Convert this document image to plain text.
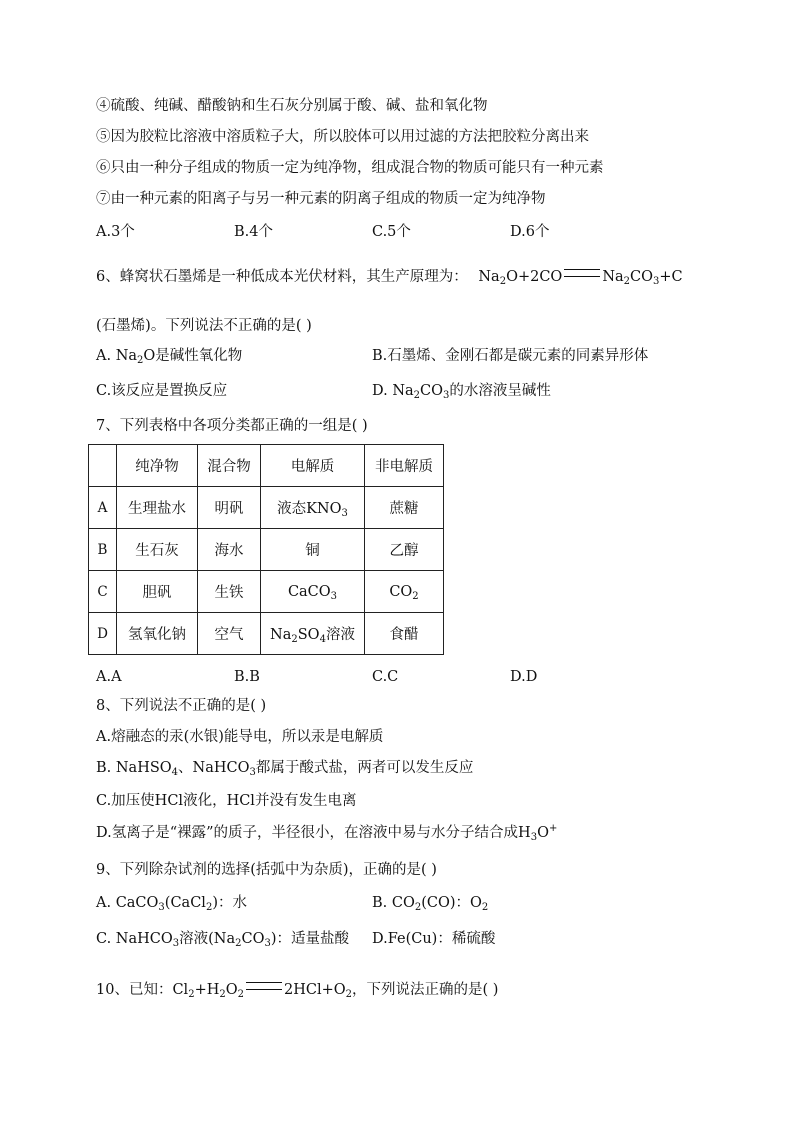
④硫酸、纯碱、醋酸钠和生石灰分别属于酸、碱、盐和氧化物
⑤因为胶粒比溶液中溶质粒子大，所以胶体可以用过滤的方法把胶粒分离出来
⑥只由一种分子组成的物质一定为纯净物，组成混合物的物质可能只有一种元素
⑦由一种元素的阳离子与另一种元素的阴离子组成的物质一定为纯净物
A.3个	B.4个	C.5个	D.6个
6、蜂窝状石墨烯是一种低成本光伏材料，其生产原理为： $Na_2O+2CO$	$Na_2CO_3+C$
(石墨烯)。下列说法不正确的是( )
A. $Na_2O$是碱性氧化物	B.石墨烯、金刚石都是碳元素的同素异形体
C.该反应是置换反应	D. $Na_2CO_3$的水溶液呈碱性
7、下列表格中各项分类都正确的一组是( )
	纯净物	混合物	电解质	非电解质
A	生理盐水	明矾	液态$KNO_3$	蔗糖
B	生石灰	海水	铜	乙醇
C	胆矾	生铁	CaCO$_3$	$CO_2$
D	氢氧化钠	空气	$Na_2SO_4$溶液	食醋
A.A	B.B	C.C	D.D
8、下列说法不正确的是( )
A.熔融态的汞(水银)能导电，所以汞是电解质
B. NaHSO$_4$、NaHCO$_3$都属于酸式盐，两者可以发生反应
C.加压使HCl液化，HCl并没有发生电离
D.氢离子是“裸露”的质子，半径很小，在溶液中易与水分子结合成$H_3O^+$
9、下列除杂试剂的选择(括弧中为杂质)，正确的是( )
A. CaCO$_3$(CaCl$_2$)：水	B. $CO_2(CO)$：$O_2$
C. NaHCO$_3$溶液$(Na_2CO_3)$：适量盐酸 D.Fe(Cu)：稀硫酸
10、已知：$Cl_2+H_2O_2$	$2HCl+O_2$，下列说法正确的是( )
